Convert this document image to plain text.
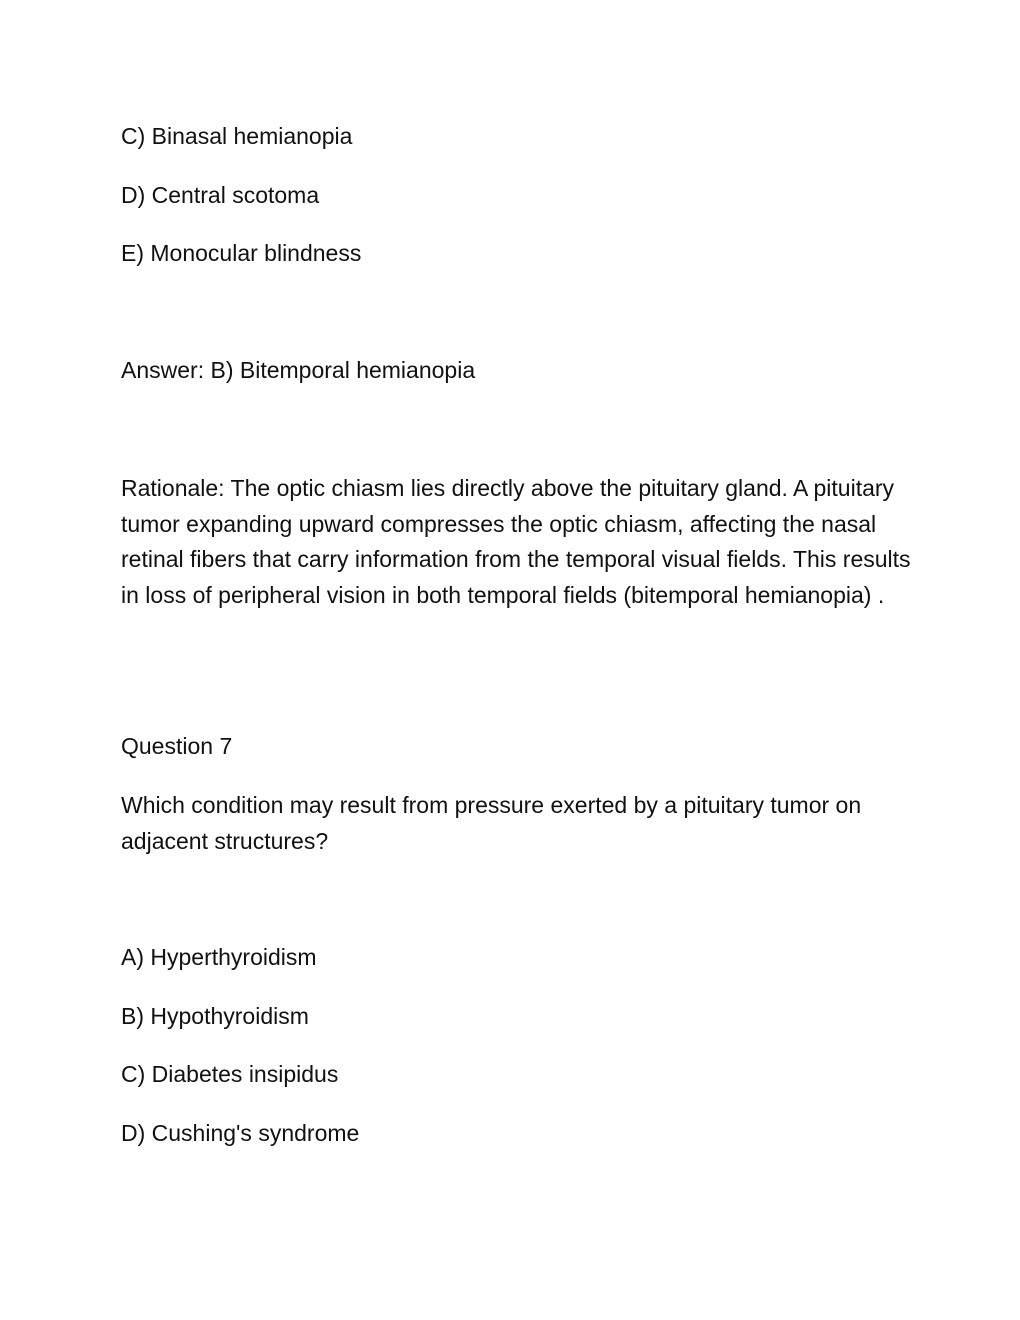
C) Binasal hemianopia

D) Central scotoma

E) Monocular blindness

Answer: B) Bitemporal hemianopia

Rationale: The optic chiasm lies directly above the pituitary gland. A pituitary tumor expanding upward compresses the optic chiasm, affecting the nasal retinal fibers that carry information from the temporal visual fields. This results in loss of peripheral vision in both temporal fields (bitemporal hemianopia) .

Question 7

Which condition may result from pressure exerted by a pituitary tumor on adjacent structures?

A) Hyperthyroidism

B) Hypothyroidism

C) Diabetes insipidus

D) Cushing's syndrome
